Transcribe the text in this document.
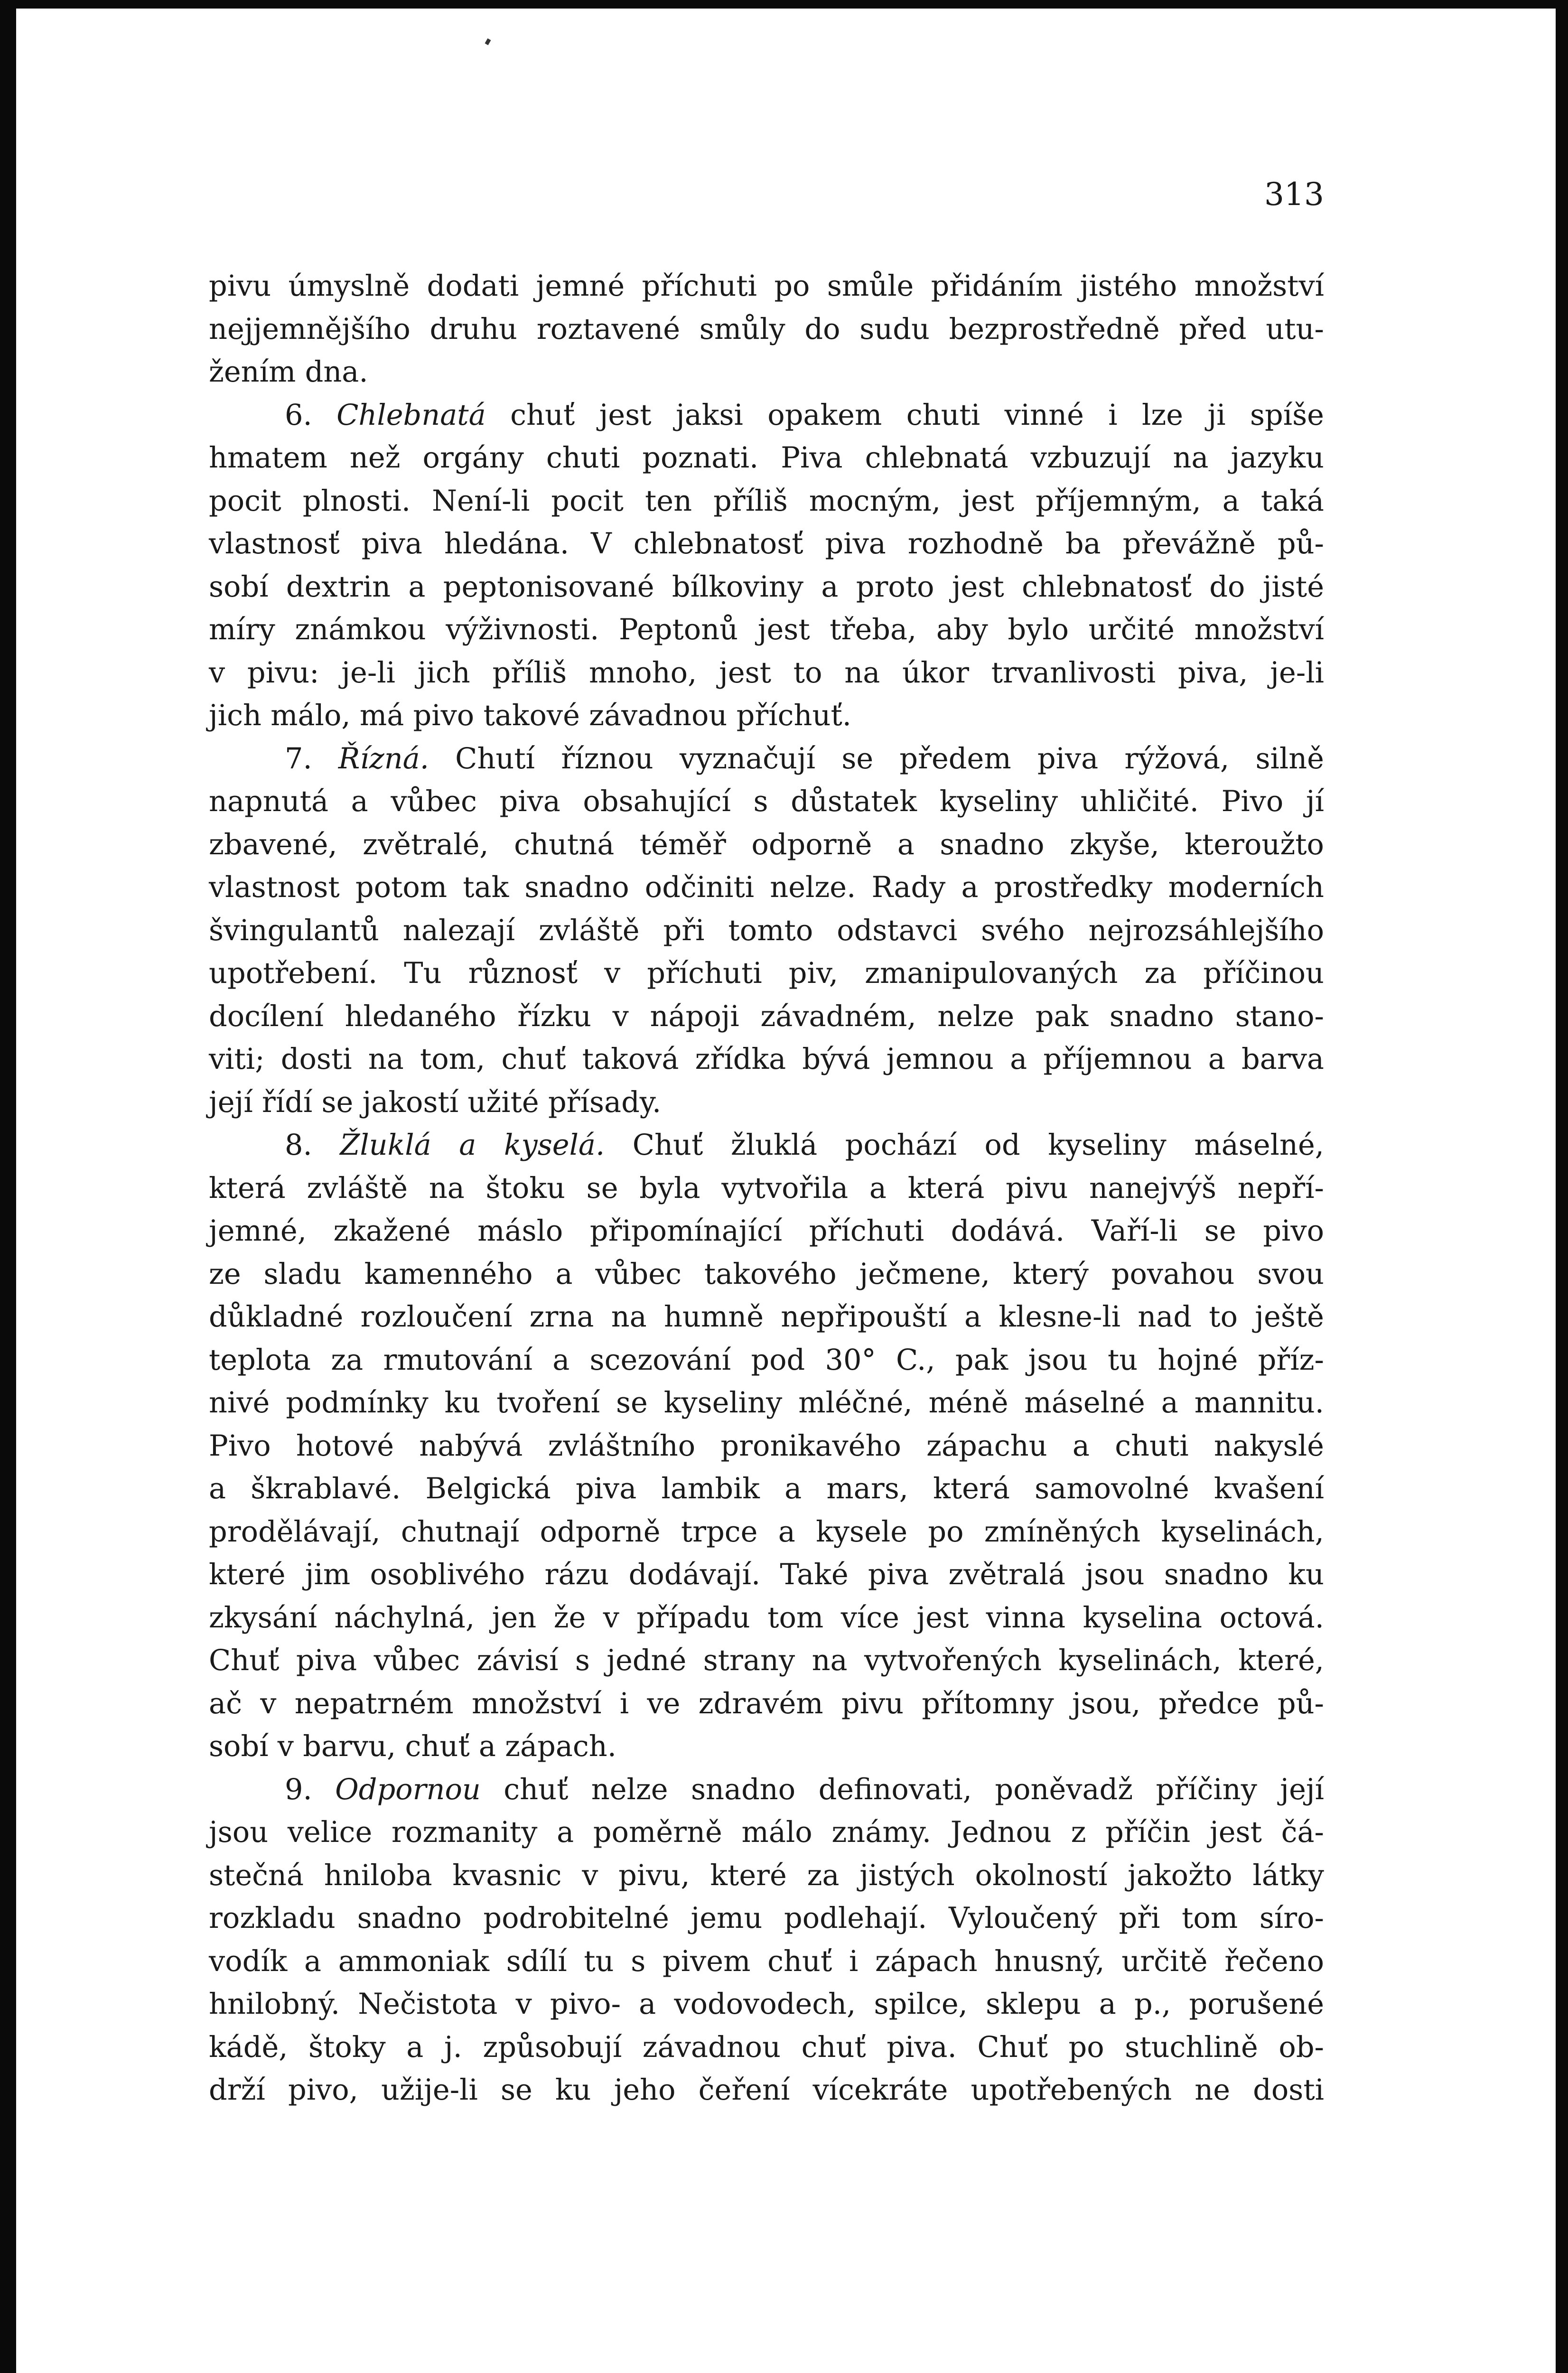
313
pivu úmyslně dodati jemné příchuti po smůle přidáním jistého množství
nejjemnějšího druhu roztavené smůly do sudu bezprostředně před utu-
žením dna.
6. Chlebnatá chuť jest jaksi opakem chuti vinné i lze ji spíše
hmatem než orgány chuti poznati. Piva chlebnatá vzbuzují na jazyku
pocit plnosti. Není-li pocit ten příliš mocným, jest příjemným, a taká
vlastnosť piva hledána. V chlebnatosť piva rozhodně ba převážně pů-
sobí dextrin a peptonisované bílkoviny a proto jest chlebnatosť do jisté
míry známkou výživnosti. Peptonů jest třeba, aby bylo určité množství
v pivu: je-li jich příliš mnoho, jest to na úkor trvanlivosti piva, je-li
jich málo, má pivo takové závadnou příchuť.
7. Řízná. Chutí říznou vyznačují se předem piva rýžová, silně
napnutá a vůbec piva obsahující s důstatek kyseliny uhličité. Pivo jí
zbavené, zvětralé, chutná téměř odporně a snadno zkyše, kteroužto
vlastnost potom tak snadno odčiniti nelze. Rady a prostředky moderních
švingulantů nalezají zvláště při tomto odstavci svého nejrozsáhlejšího
upotřebení. Tu různosť v příchuti piv, zmanipulovaných za příčinou
docílení hledaného řízku v nápoji závadném, nelze pak snadno stano-
viti; dosti na tom, chuť taková zřídka bývá jemnou a příjemnou a barva
její řídí se jakostí užité přísady.
8. Žluklá a kyselá. Chuť žluklá pochází od kyseliny máselné,
která zvláště na štoku se byla vytvořila a která pivu nanejvýš nepří-
jemné, zkažené máslo připomínající příchuti dodává. Vaří-li se pivo
ze sladu kamenného a vůbec takového ječmene, který povahou svou
důkladné rozloučení zrna na humně nepřipouští a klesne-li nad to ještě
teplota za rmutování a scezování pod 30° C., pak jsou tu hojné příz-
nivé podmínky ku tvoření se kyseliny mléčné, méně máselné a mannitu.
Pivo hotové nabývá zvláštního pronikavého zápachu a chuti nakyslé
a škrablavé. Belgická piva lambik a mars, která samovolné kvašení
prodělávají, chutnají odporně trpce a kysele po zmíněných kyselinách,
které jim osoblivého rázu dodávají. Také piva zvětralá jsou snadno ku
zkysání náchylná, jen že v případu tom více jest vinna kyselina octová.
Chuť piva vůbec závisí s jedné strany na vytvořených kyselinách, které,
ač v nepatrném množství i ve zdravém pivu přítomny jsou, předce pů-
sobí v barvu, chuť a zápach.
9. Odpornou chuť nelze snadno definovati, poněvadž příčiny její
jsou velice rozmanity a poměrně málo známy. Jednou z příčin jest čá-
stečná hniloba kvasnic v pivu, které za jistých okolností jakožto látky
rozkladu snadno podrobitelné jemu podlehají. Vyloučený při tom síro-
vodík a ammoniak sdílí tu s pivem chuť i zápach hnusný, určitě řečeno
hnilobný. Nečistota v pivo- a vodovodech, spilce, sklepu a p., porušené
kádě, štoky a j. způsobují závadnou chuť piva. Chuť po stuchlině ob-
drží pivo, užije-li se ku jeho čeření vícekráte upotřebených ne dosti
